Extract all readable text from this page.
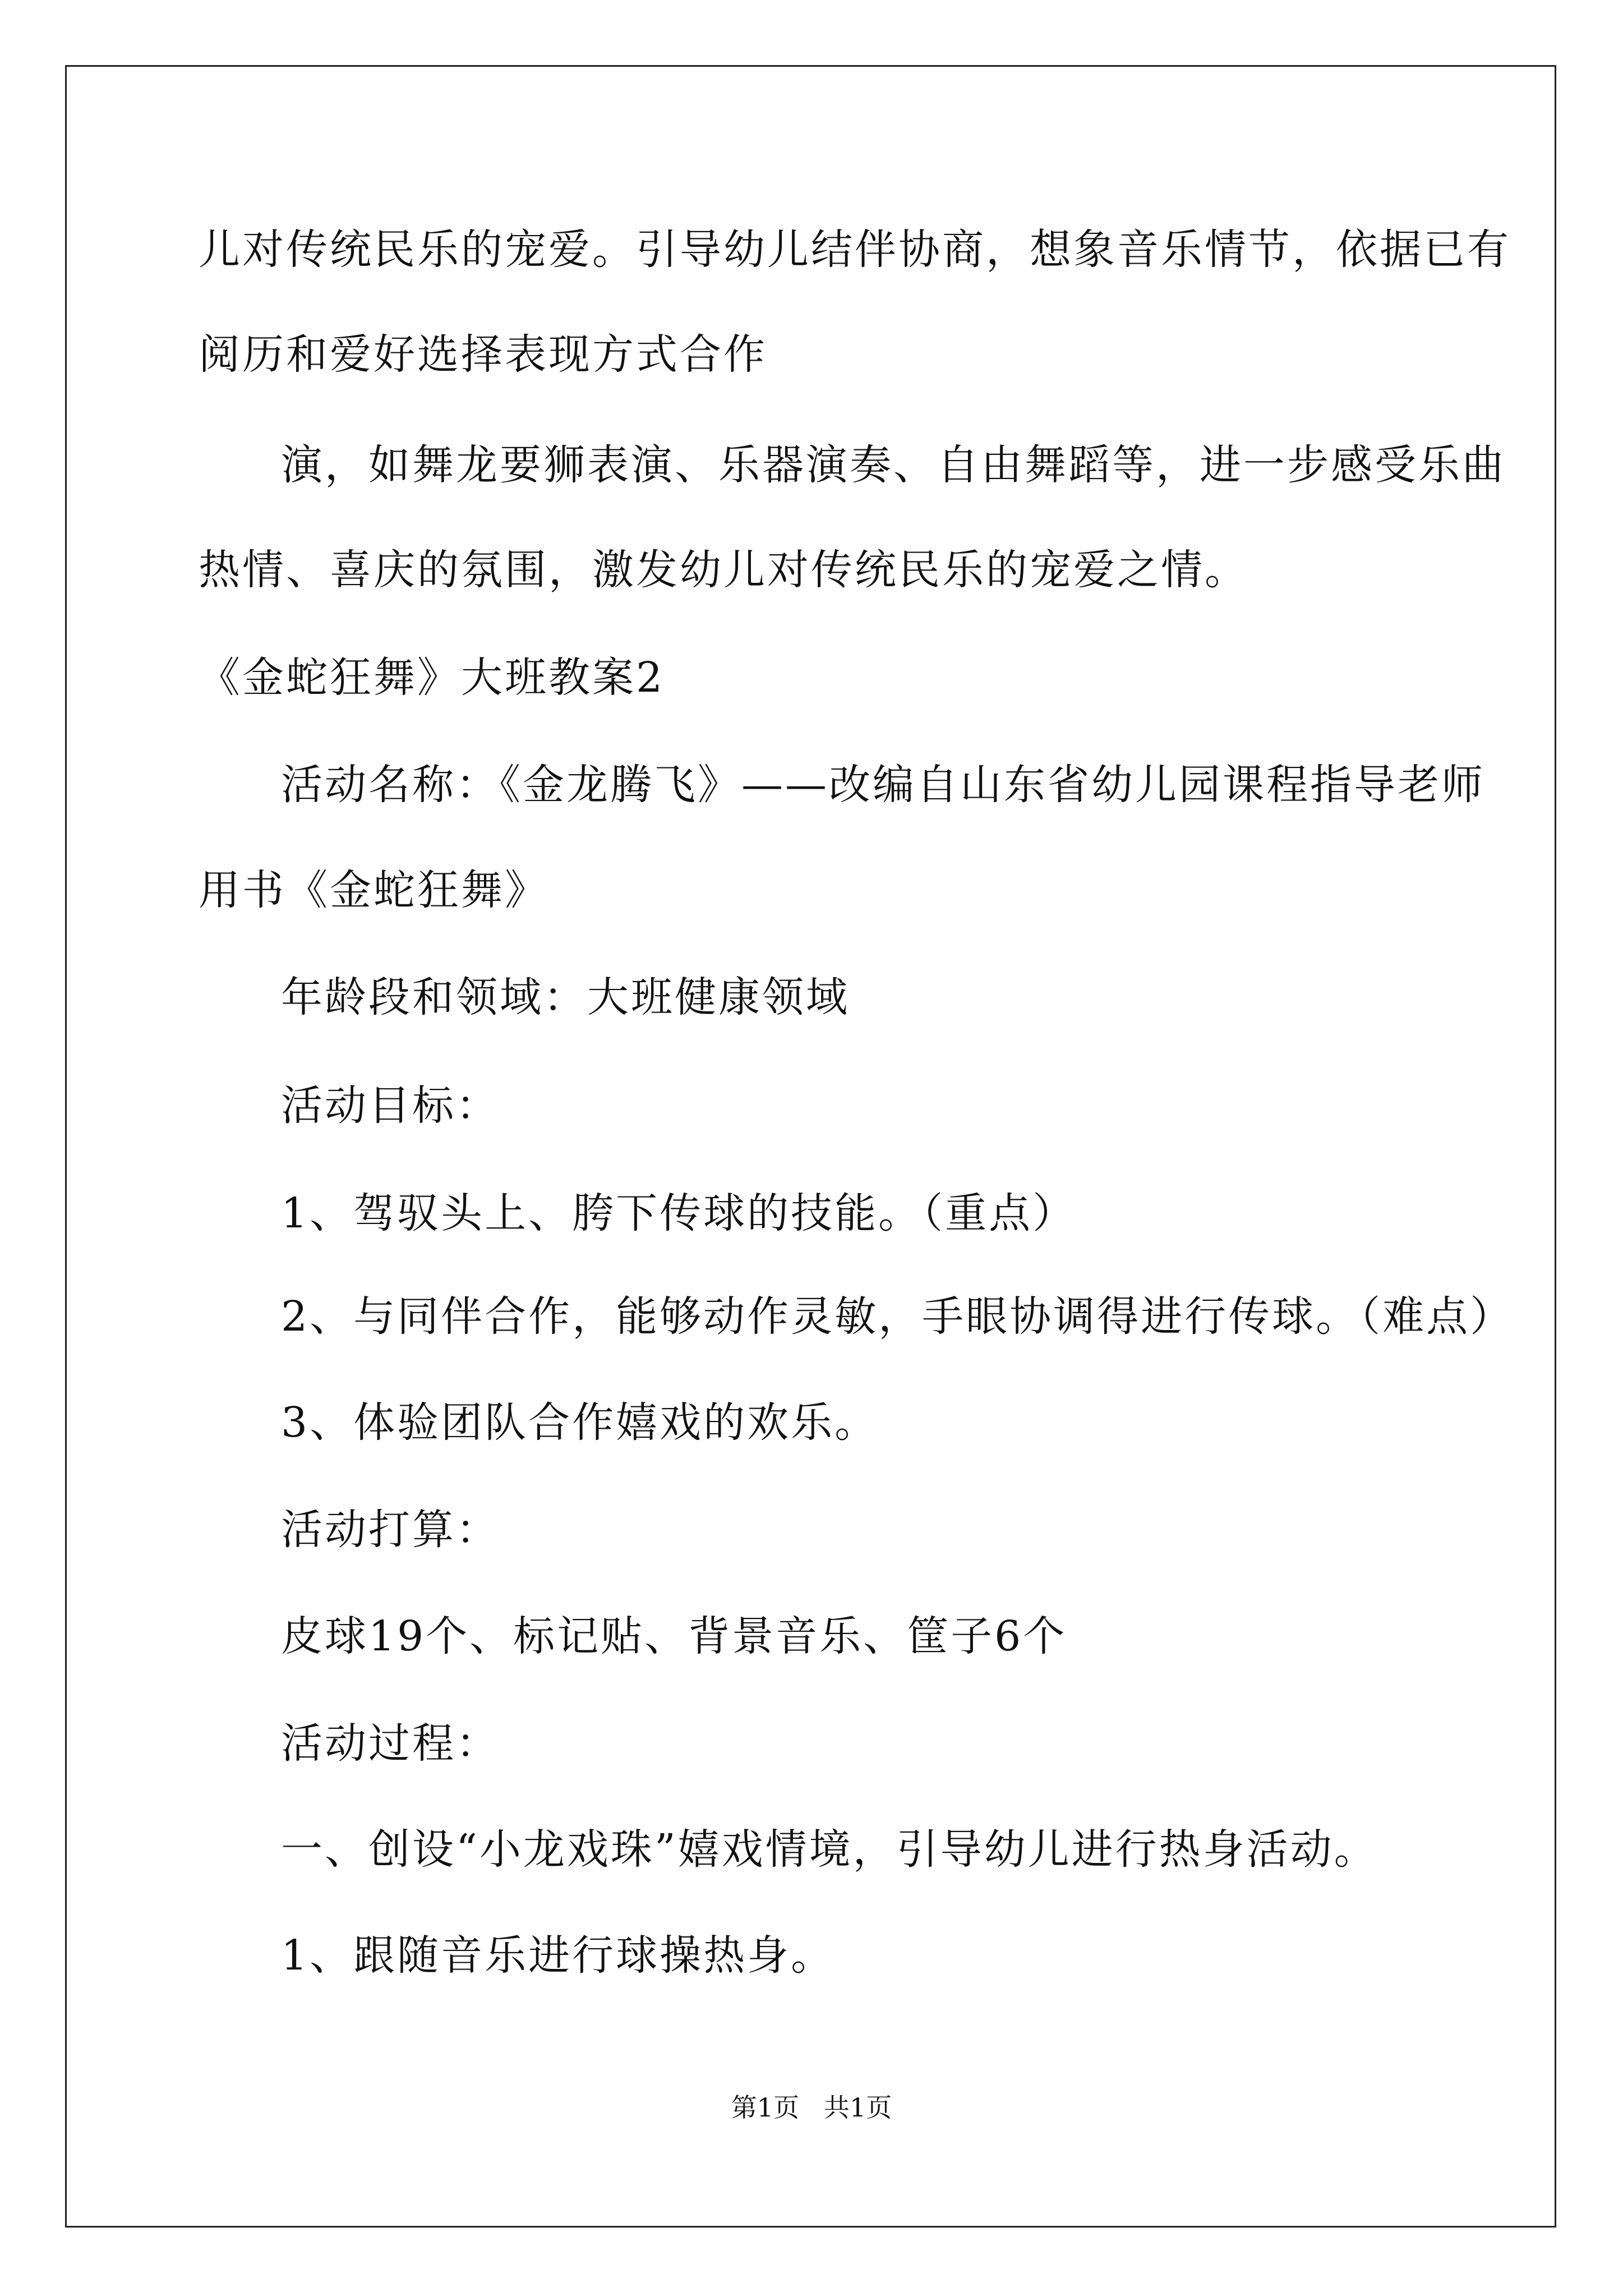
儿对传统民乐的宠爱。引导幼儿结伴协商，想象音乐情节，依据已有
阅历和爱好选择表现方式合作
演，如舞龙要狮表演、乐器演奏、自由舞蹈等，进一步感受乐曲
热情、喜庆的氛围，激发幼儿对传统民乐的宠爱之情。
《金蛇狂舞》大班教案2
活动名称：《金龙腾飞》——改编自山东省幼儿园课程指导老师
用书《金蛇狂舞》
年龄段和领域：大班健康领域
活动目标：
1、驾驭头上、胯下传球的技能。（重点）
2、与同伴合作，能够动作灵敏，手眼协调得进行传球。（难点）
3、体验团队合作嬉戏的欢乐。
活动打算：
皮球19个、标记贴、背景音乐、筐子6个
活动过程：
一、创设“小龙戏珠”嬉戏情境，引导幼儿进行热身活动。
1、跟随音乐进行球操热身。
第1页   共1页
